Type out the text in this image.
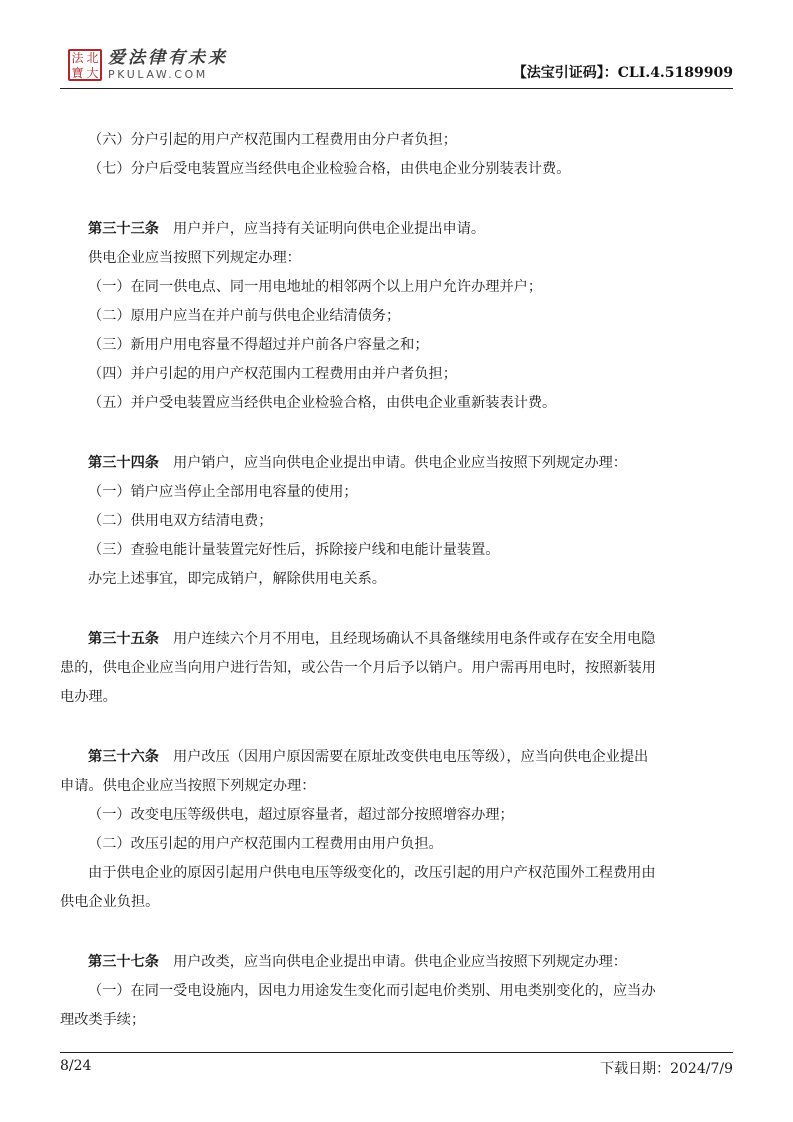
法 北
寶 大
爱法律有未来
PKULAW.COM	【法宝引证码】：CLI.4.5189909
（六）分户引起的用户产权范围内工程费用由分户者负担；
（七）分户后受电装置应当经供电企业检验合格，由供电企业分别装表计费。
第三十三条 用户并户，应当持有关证明向供电企业提出申请。
供电企业应当按照下列规定办理：
（一）在同一供电点、同一用电地址的相邻两个以上用户允许办理并户；
（二）原用户应当在并户前与供电企业结清债务；
（三）新用户用电容量不得超过并户前各户容量之和；
（四）并户引起的用户产权范围内工程费用由并户者负担；
（五）并户受电装置应当经供电企业检验合格，由供电企业重新装表计费。
第三十四条 用户销户，应当向供电企业提出申请。供电企业应当按照下列规定办理：
（一）销户应当停止全部用电容量的使用；
（二）供用电双方结清电费；
（三）查验电能计量装置完好性后，拆除接户线和电能计量装置。
办完上述事宜，即完成销户，解除供用电关系。
第三十五条 用户连续六个月不用电，且经现场确认不具备继续用电条件或存在安全用电隐
患的，供电企业应当向用户进行告知，或公告一个月后予以销户。用户需再用电时，按照新装用
电办理。
第三十六条 用户改压（因用户原因需要在原址改变供电电压等级），应当向供电企业提出
申请。供电企业应当按照下列规定办理：
（一）改变电压等级供电，超过原容量者，超过部分按照增容办理；
（二）改压引起的用户产权范围内工程费用由用户负担。
由于供电企业的原因引起用户供电电压等级变化的，改压引起的用户产权范围外工程费用由
供电企业负担。
第三十七条 用户改类，应当向供电企业提出申请。供电企业应当按照下列规定办理：
（一）在同一受电设施内，因电力用途发生变化而引起电价类别、用电类别变化的，应当办
理改类手续；
8/24	下载日期：2024/7/9
